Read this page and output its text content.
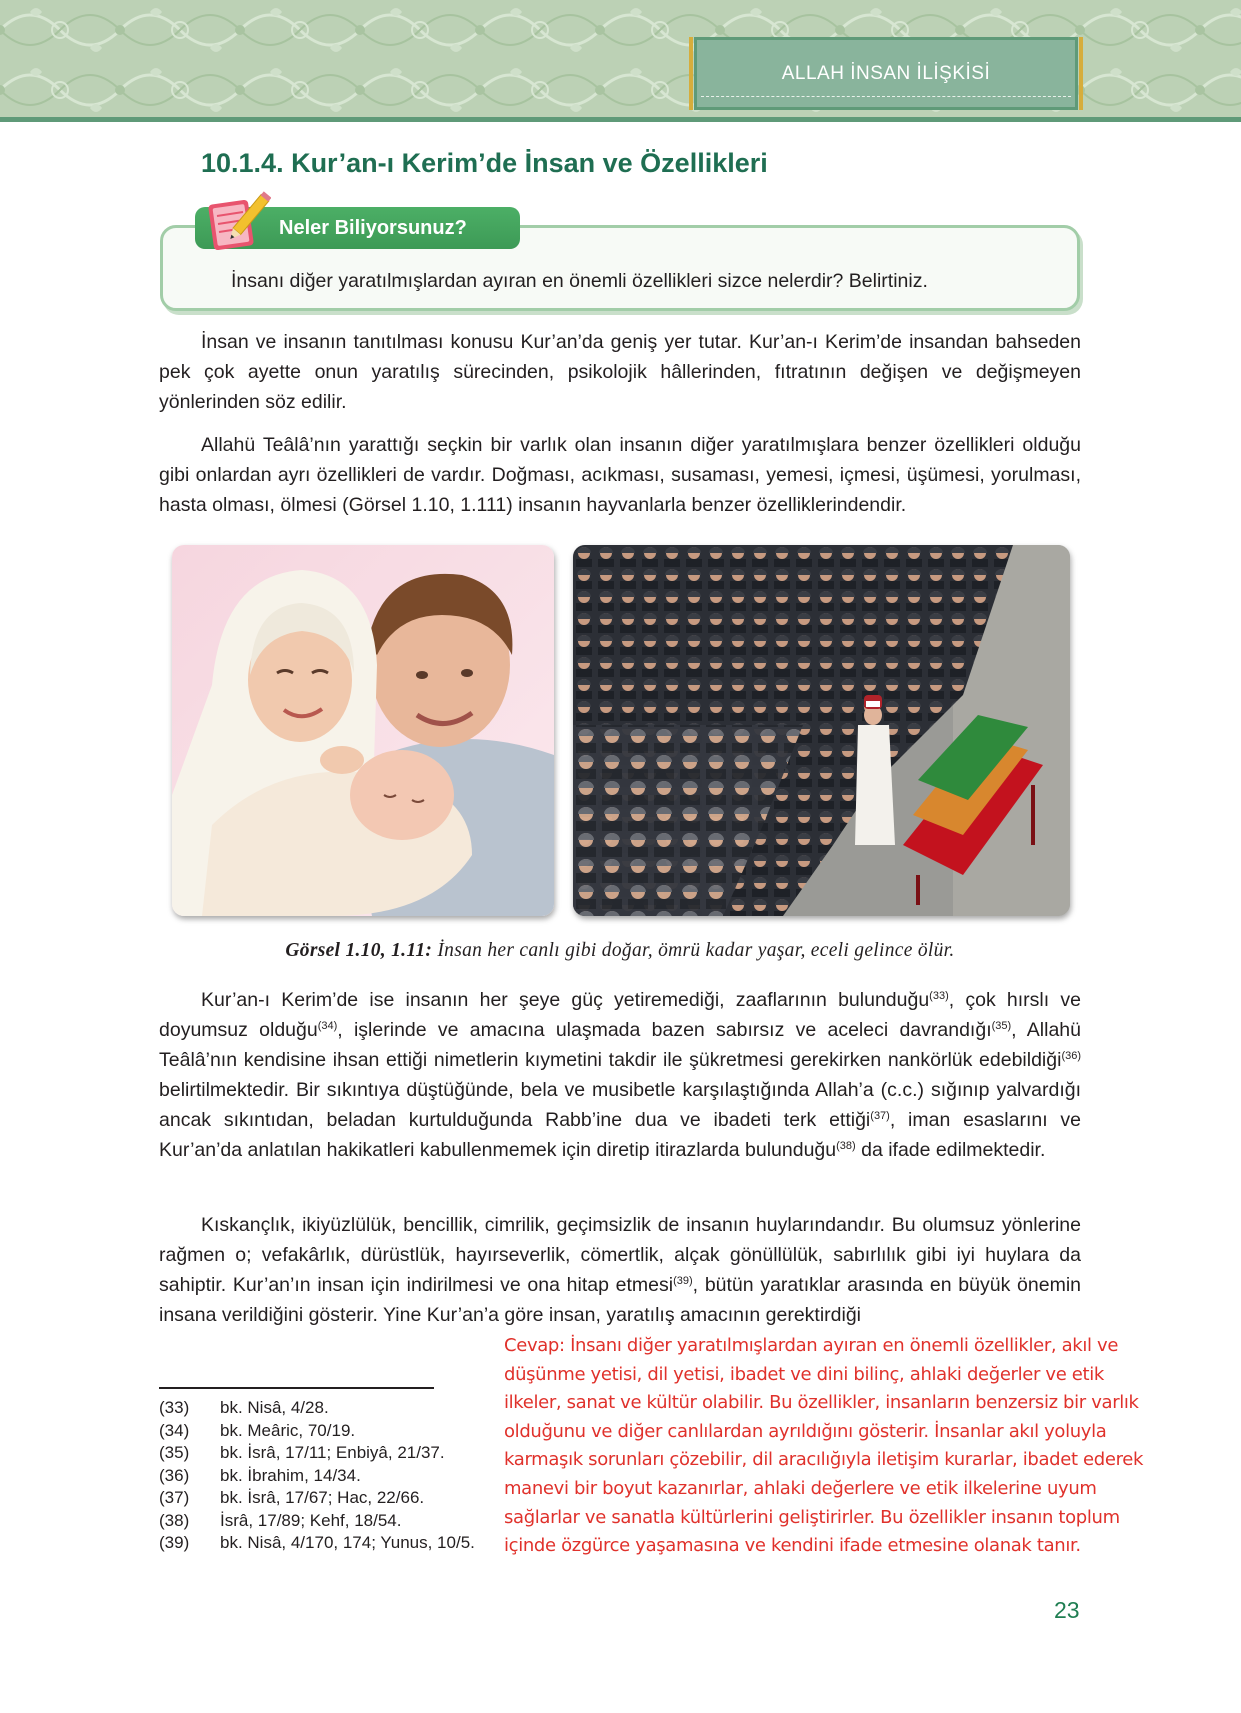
ALLAH İNSAN İLİŞKİSİ
10.1.4. Kur’an-ı Kerim’de İnsan ve Özellikleri
Neler Biliyorsunuz?
İnsanı diğer yaratılmışlardan ayıran en önemli özellikleri sizce nelerdir? Belirtiniz.

İnsan ve insanın tanıtılması konusu Kur’an’da geniş yer tutar. Kur’an-ı Kerim’de insandan bahseden pek çok ayette onun yaratılış sürecinden, psikolojik hâllerinden, fıtratının değişen ve değişmeyen yönlerinden söz edilir.

Allahü Teâlâ’nın yarattığı seçkin bir varlık olan insanın diğer yaratılmışlara benzer özellikleri olduğu gibi onlardan ayrı özellikleri de vardır. Doğması, acıkması, susaması, yemesi, içmesi, üşümesi, yorulması, hasta olması, ölmesi (Görsel 1.10, 1.111) insanın hayvanlarla benzer özelliklerindendir.

Görsel 1.10, 1.11: İnsan her canlı gibi doğar, ömrü kadar yaşar, eceli gelince ölür.

Kur’an-ı Kerim’de ise insanın her şeye güç yetiremediği, zaaflarının bulunduğu$^{(33)}$, çok hırslı ve doyumsuz olduğu$^{(34)}$, işlerinde ve amacına ulaşmada bazen sabırsız ve aceleci davrandığı$^{(35)}$, Allahü Teâlâ’nın kendisine ihsan ettiği nimetlerin kıymetini takdir ile şükretmesi gerekirken nankörlük edebildiği$^{(36)}$ belirtilmektedir. Bir sıkıntıya düştüğünde, bela ve musibetle karşılaştığında Allah’a (c.c.) sığınıp yalvardığı ancak sıkıntıdan, beladan kurtulduğunda Rabb’ine dua ve ibadeti terk ettiği$^{(37)}$, iman esaslarını ve Kur’an’da anlatılan hakikatleri kabullenmemek için diretip itirazlarda bulunduğu$^{(38)}$ da ifade edilmektedir.

Kıskançlık, ikiyüzlülük, bencillik, cimrilik, geçimsizlik de insanın huylarındandır. Bu olumsuz yönlerine rağmen o; vefakârlık, dürüstlük, hayırseverlik, cömertlik, alçak gönüllülük, sabırlılık gibi iyi huylara da sahiptir. Kur’an’ın insan için indirilmesi ve ona hitap etmesi$^{(39)}$, bütün yaratıklar arasında en büyük önemin insana verildiğini gösterir. Yine Kur’an’a göre insan, yaratılış amacının gerektirdiği

(33)	bk. Nisâ, 4/28.
(34)	bk. Meâric, 70/19.
(35)	bk. İsrâ, 17/11; Enbiyâ, 21/37.
(36)	bk. İbrahim, 14/34.
(37)	bk. İsrâ, 17/67; Hac, 22/66.
(38)	İsrâ, 17/89; Kehf, 18/54.
(39)	bk. Nisâ, 4/170, 174; Yunus, 10/5.
Cevap: İnsanı diğer yaratılmışlardan ayıran en önemli özellikler, akıl ve
düşünme yetisi, dil yetisi, ibadet ve dini bilinç, ahlaki değerler ve etik
ilkeler, sanat ve kültür olabilir. Bu özellikler, insanların benzersiz bir varlık
olduğunu ve diğer canlılardan ayrıldığını gösterir. İnsanlar akıl yoluyla
karmaşık sorunları çözebilir, dil aracılığıyla iletişim kurarlar, ibadet ederek
manevi bir boyut kazanırlar, ahlaki değerlere ve etik ilkelerine uyum
sağlarlar ve sanatla kültürlerini geliştirirler. Bu özellikler insanın toplum
içinde özgürce yaşamasına ve kendini ifade etmesine olanak tanır.
23
